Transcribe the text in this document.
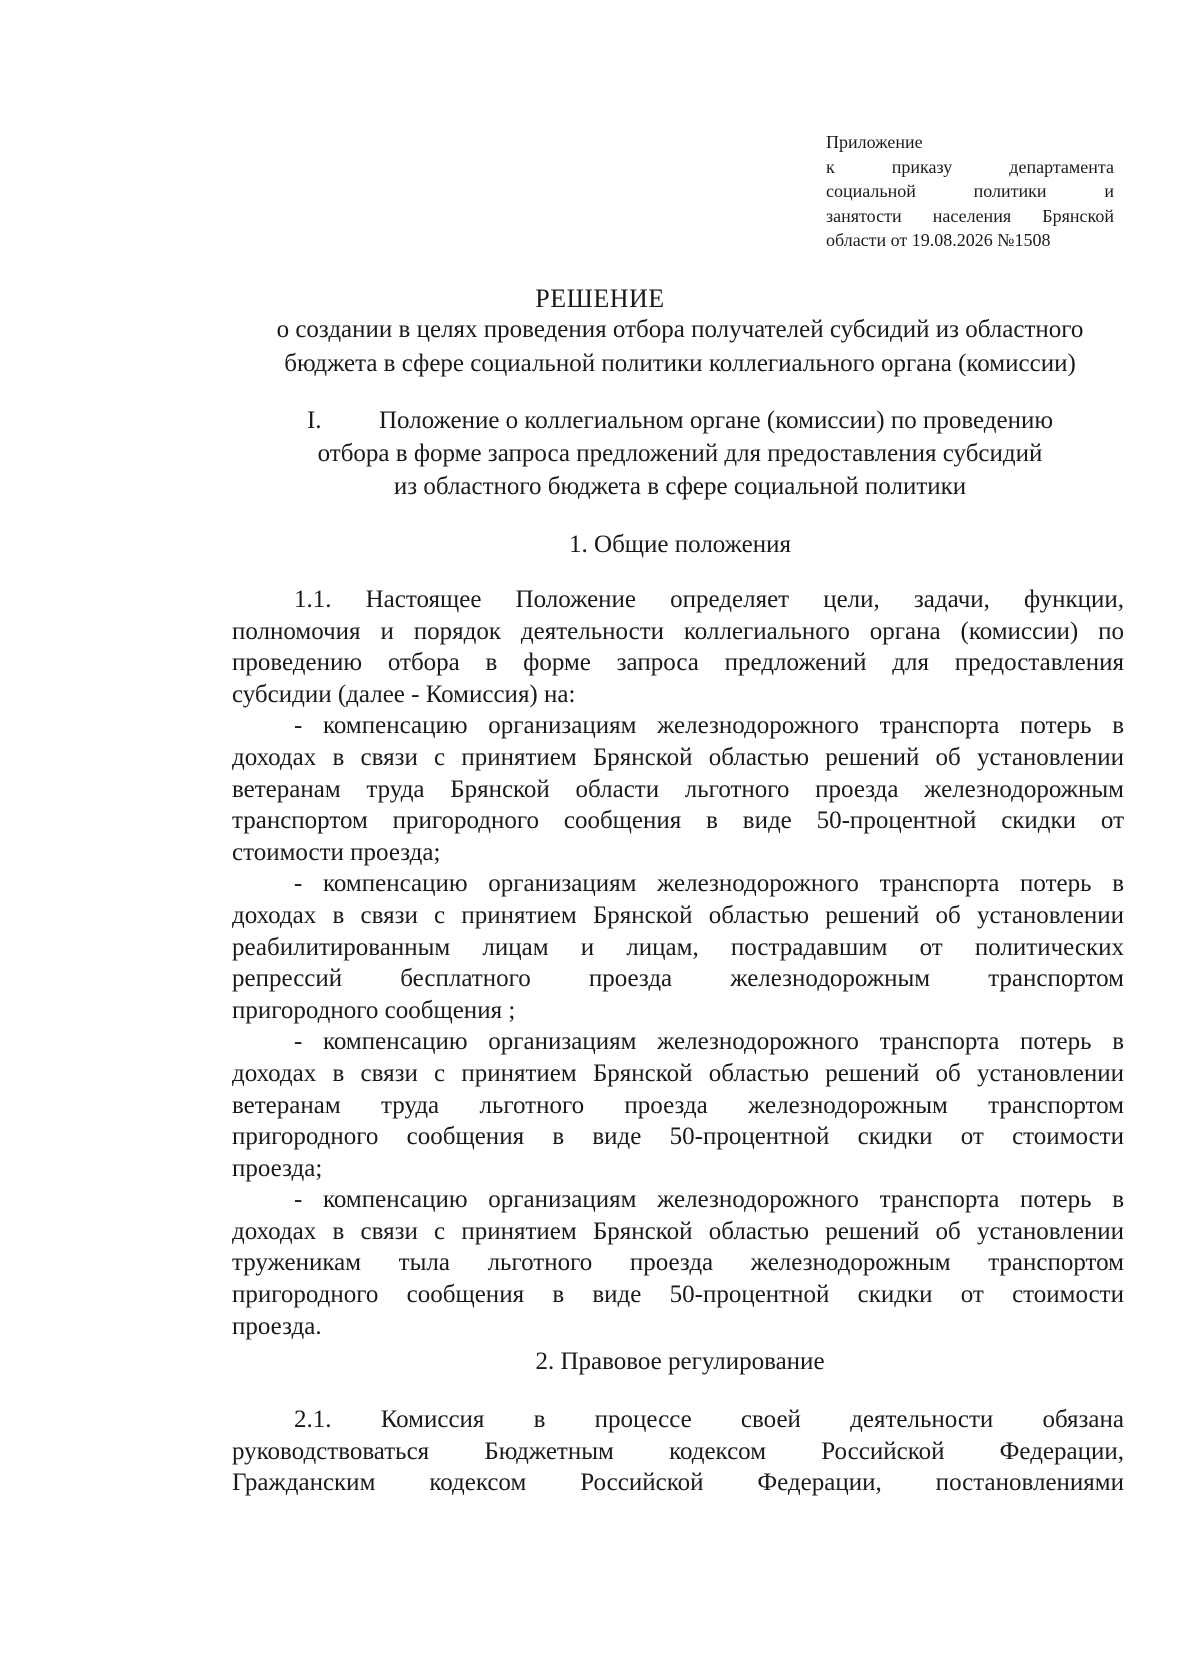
Приложение
к приказу департамента
социальной политики и
занятости населения Брянской
области от 19.08.2026 №1508
РЕШЕНИЕ
о создании в целях проведения отбора получателей субсидий из областного
бюджета в сфере социальной политики коллегиального органа (комиссии)
I. Положение о коллегиальном органе (комиссии) по проведению
отбора в форме запроса предложений для предоставления субсидий
из областного бюджета в сфере социальной политики
1. Общие положения
1.1. Настоящее Положение определяет цели, задачи, функции,
полномочия и порядок деятельности коллегиального органа (комиссии) по
проведению отбора в форме запроса предложений для предоставления
субсидии (далее - Комиссия) на:
- компенсацию организациям железнодорожного транспорта потерь в
доходах в связи с принятием Брянской областью решений об установлении
ветеранам труда Брянской области льготного проезда железнодорожным
транспортом пригородного сообщения в виде 50-процентной скидки от
стоимости проезда;
- компенсацию организациям железнодорожного транспорта потерь в
доходах в связи с принятием Брянской областью решений об установлении
реабилитированным лицам и лицам, пострадавшим от политических
репрессий бесплатного проезда железнодорожным транспортом
пригородного сообщения ;
- компенсацию организациям железнодорожного транспорта потерь в
доходах в связи с принятием Брянской областью решений об установлении
ветеранам труда льготного проезда железнодорожным транспортом
пригородного сообщения в виде 50-процентной скидки от стоимости
проезда;
- компенсацию организациям железнодорожного транспорта потерь в
доходах в связи с принятием Брянской областью решений об установлении
труженикам тыла льготного проезда железнодорожным транспортом
пригородного сообщения в виде 50-процентной скидки от стоимости
проезда.
2. Правовое регулирование
2.1. Комиссия в процессе своей деятельности обязана
руководствоваться Бюджетным кодексом Российской Федерации,
Гражданским кодексом Российской Федерации, постановлениями
